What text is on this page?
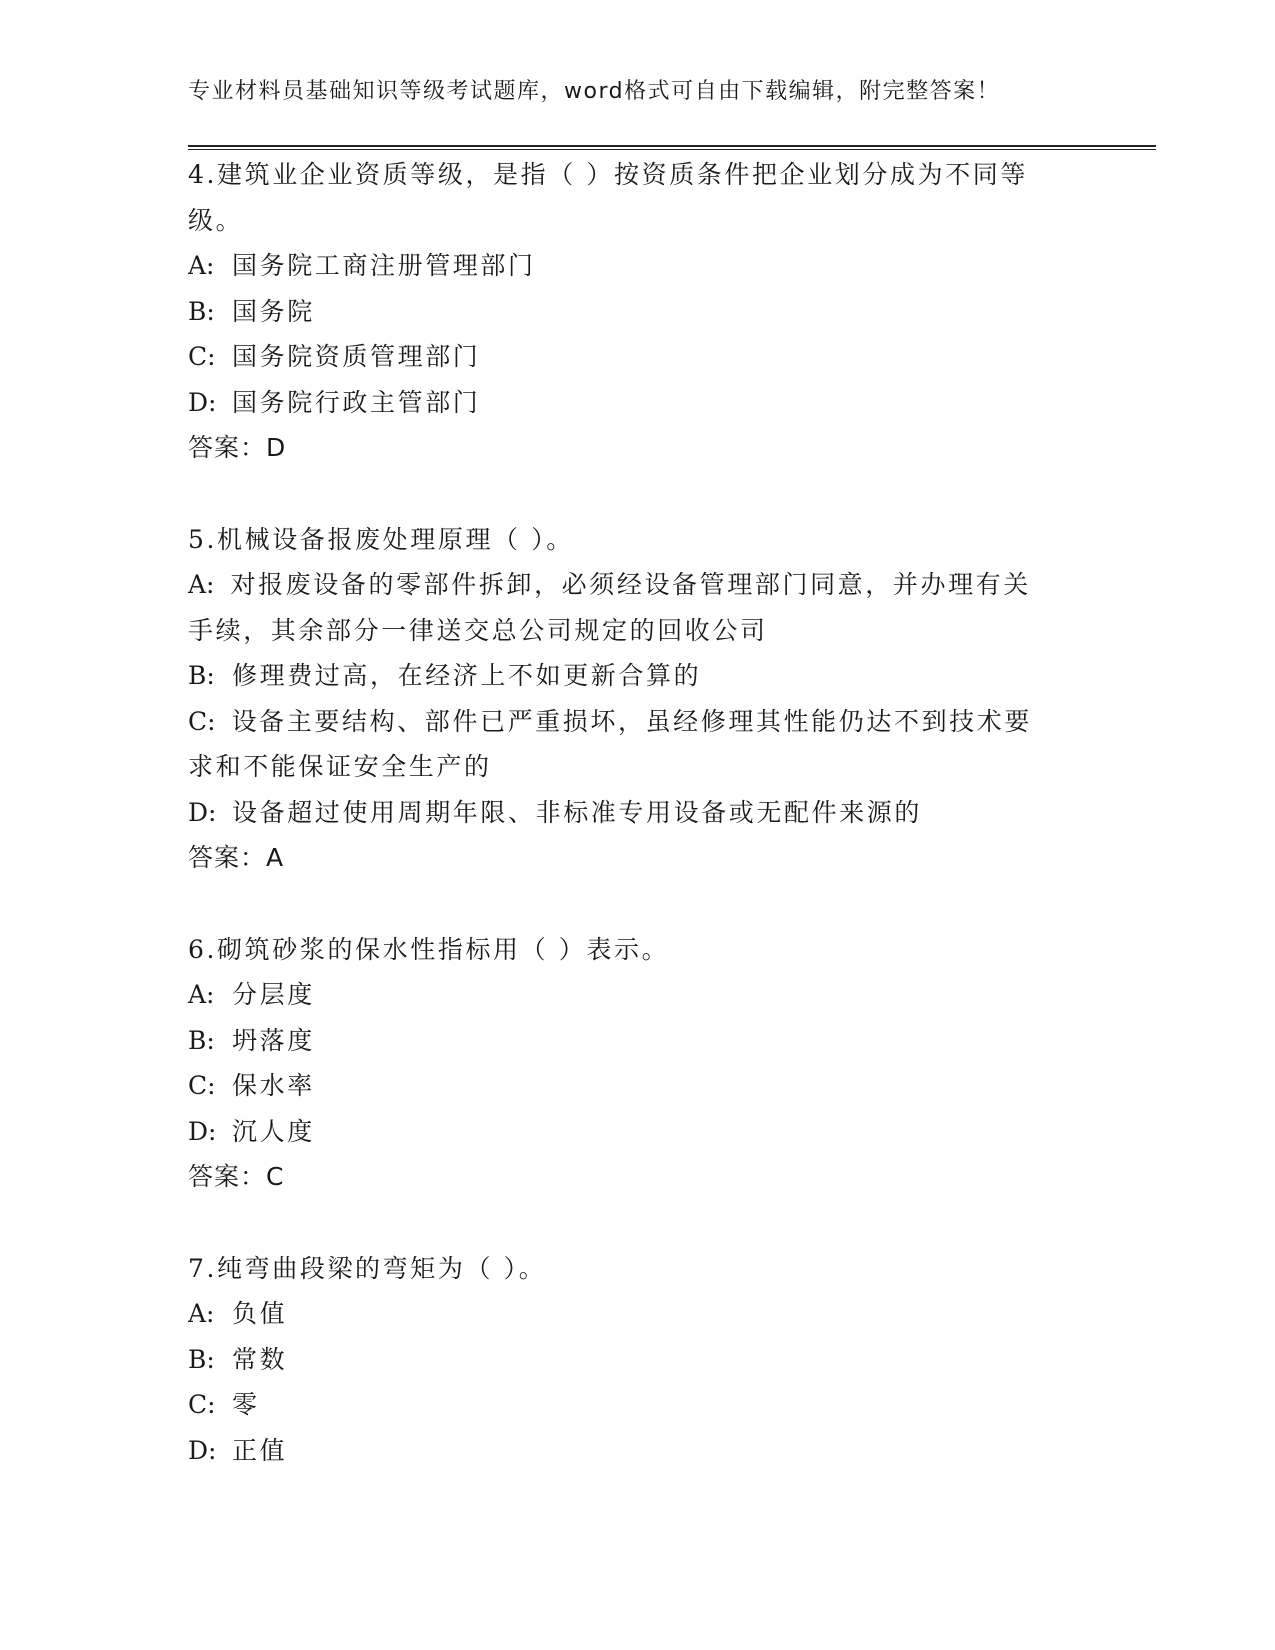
专业材料员基础知识等级考试题库，word格式可自由下载编辑，附完整答案！
4.建筑业企业资质等级，是指（ ）按资质条件把企业划分成为不同等级。
A: 国务院工商注册管理部门
B: 国务院
C: 国务院资质管理部门
D: 国务院行政主管部门
答案：D
5.机械设备报废处理原理（ ）。
A: 对报废设备的零部件拆卸，必须经设备管理部门同意，并办理有关手续，其余部分一律送交总公司规定的回收公司
B: 修理费过高，在经济上不如更新合算的
C: 设备主要结构、部件已严重损坏，虽经修理其性能仍达不到技术要求和不能保证安全生产的
D: 设备超过使用周期年限、非标准专用设备或无配件来源的
答案：A
6.砌筑砂浆的保水性指标用（ ）表示。
A: 分层度
B: 坍落度
C: 保水率
D: 沉人度
答案：C
7.纯弯曲段梁的弯矩为（ ）。
A: 负值
B: 常数
C: 零
D: 正值
